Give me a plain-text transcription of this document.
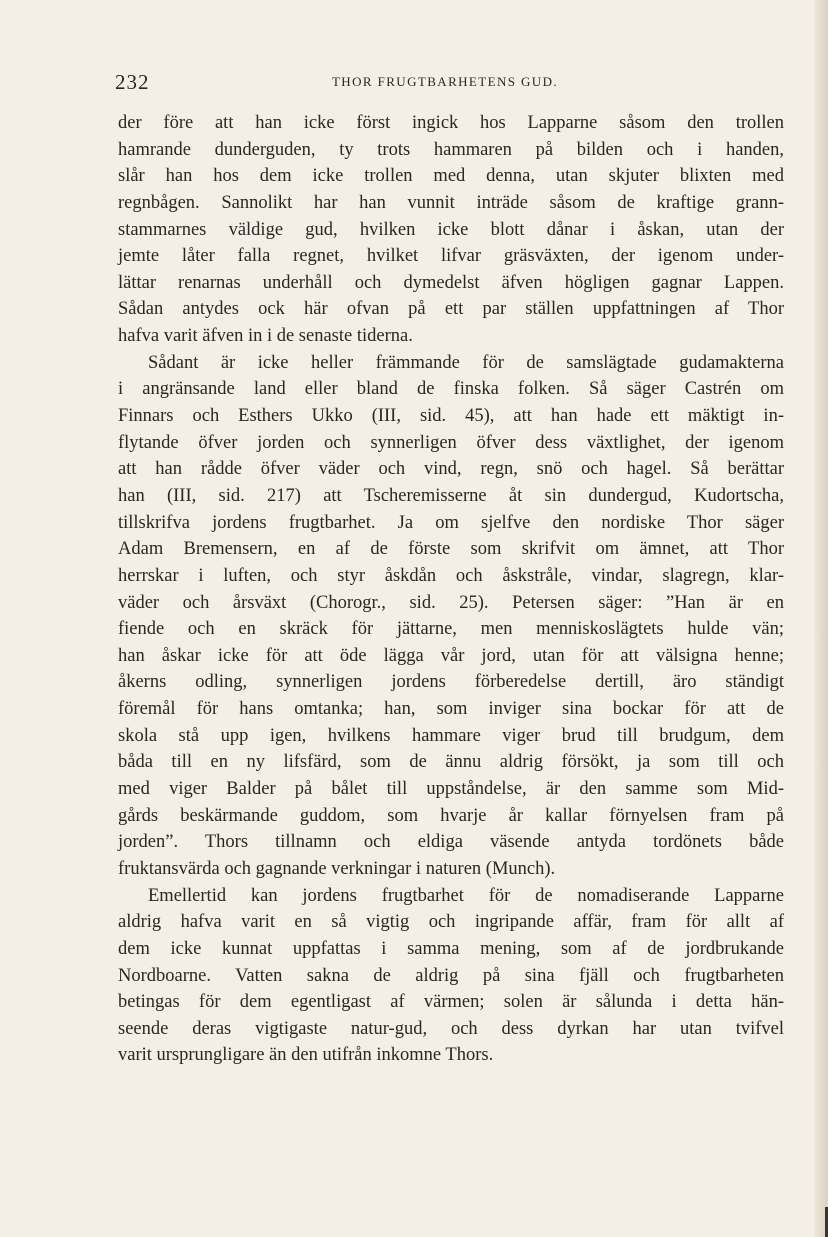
232	THOR FRUGTBARHETENS GUD.
der före att han icke först ingick hos Lapparne såsom den trollen
hamrande dunderguden, ty trots hammaren på bilden och i handen,
slår han hos dem icke trollen med denna, utan skjuter blixten med
regnbågen. Sannolikt har han vunnit inträde såsom de kraftige grann-
stammarnes väldige gud, hvilken icke blott dånar i åskan, utan der
jemte låter falla regnet, hvilket lifvar gräsväxten, der igenom under-
lättar renarnas underhåll och dymedelst äfven högligen gagnar Lappen.
Sådan antydes ock här ofvan på ett par ställen uppfattningen af Thor
hafva varit äfven in i de senaste tiderna.
Sådant är icke heller främmande för de samslägtade gudamakterna
i angränsande land eller bland de finska folken. Så säger Castrén om
Finnars och Esthers Ukko (III, sid. 45), att han hade ett mäktigt in-
flytande öfver jorden och synnerligen öfver dess växtlighet, der igenom
att han rådde öfver väder och vind, regn, snö och hagel. Så berättar
han (III, sid. 217) att Tscheremisserne åt sin dundergud, Kudortscha,
tillskrifva jordens frugtbarhet. Ja om sjelfve den nordiske Thor säger
Adam Bremensern, en af de förste som skrifvit om ämnet, att Thor
herrskar i luften, och styr åskdån och åskstråle, vindar, slagregn, klar-
väder och årsväxt (Chorogr., sid. 25). Petersen säger: ”Han är en
fiende och en skräck för jättarne, men menniskoslägtets hulde vän;
han åskar icke för att öde lägga vår jord, utan för att välsigna henne;
åkerns odling, synnerligen jordens förberedelse dertill, äro ständigt
föremål för hans omtanka; han, som inviger sina bockar för att de
skola stå upp igen, hvilkens hammare viger brud till brudgum, dem
båda till en ny lifsfärd, som de ännu aldrig försökt, ja som till och
med viger Balder på bålet till uppståndelse, är den samme som Mid-
gårds beskärmande guddom, som hvarje år kallar förnyelsen fram på
jorden”. Thors tillnamn och eldiga väsende antyda tordönets både
fruktansvärda och gagnande verkningar i naturen (Munch).
Emellertid kan jordens frugtbarhet för de nomadiserande Lapparne
aldrig hafva varit en så vigtig och ingripande affär, fram för allt af
dem icke kunnat uppfattas i samma mening, som af de jordbrukande
Nordboarne. Vatten sakna de aldrig på sina fjäll och frugtbarheten
betingas för dem egentligast af värmen; solen är sålunda i detta hän-
seende deras vigtigaste natur-gud, och dess dyrkan har utan tvifvel
varit ursprungligare än den utifrån inkomne Thors.
